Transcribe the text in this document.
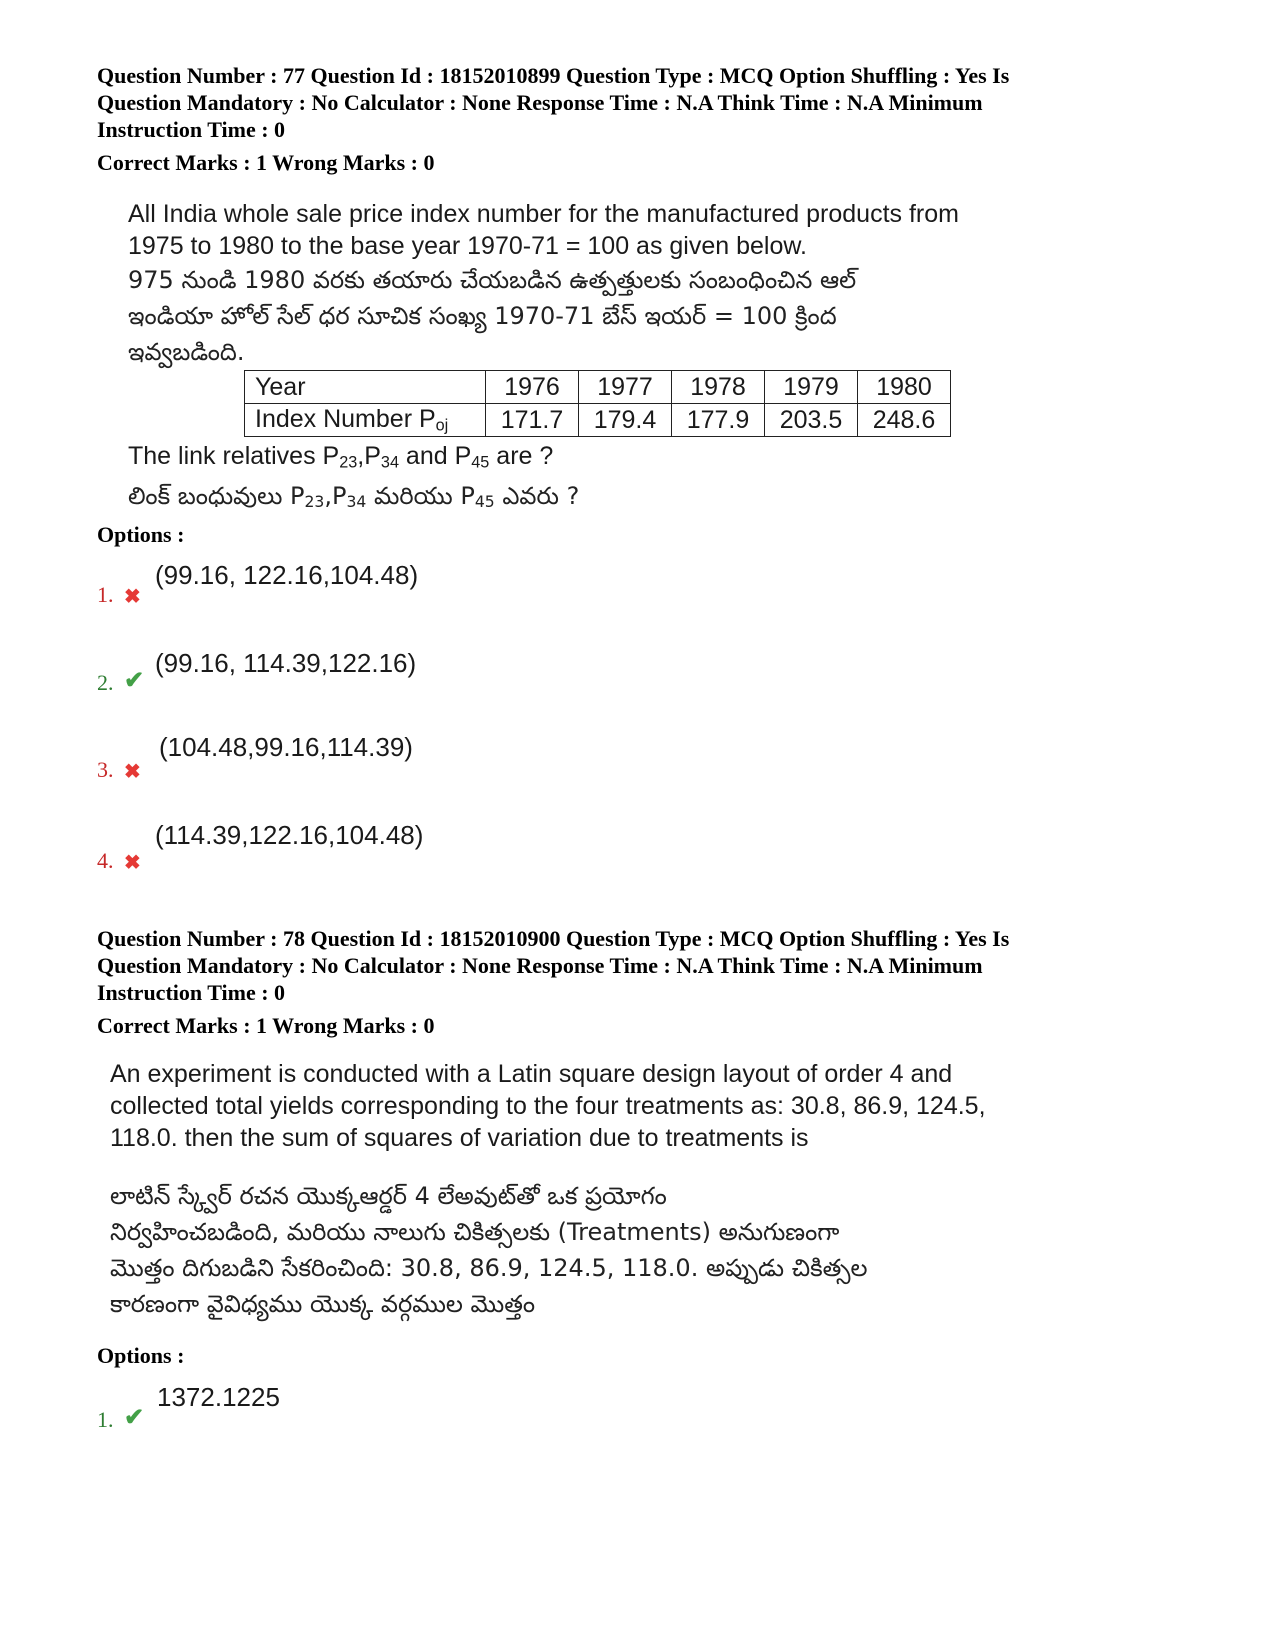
Question Number : 77 Question Id : 18152010899 Question Type : MCQ Option Shuffling : Yes Is
Question Mandatory : No Calculator : None Response Time : N.A Think Time : N.A Minimum
Instruction Time : 0
Correct Marks : 1 Wrong Marks : 0

All India whole sale price index number for the manufactured products from

1975 to 1980 to the base year 1970-71 = 100 as given below.

975 నుండి 1980 వరకు తయారు చేయబడిన ఉత్పత్తులకు సంబంధించిన ఆల్

ఇండియా హోల్ సేల్ ధర సూచిక సంఖ్య 1970-71 బేస్ ఇయర్ = 100 క్రింద

ఇవ్వబడింది.

Year	1976	1977	1978	1979	1980
Index Number $P_{oj}$	171.7	179.4	177.9	203.5	248.6

The link relatives $P_{23},P_{34}$ and $P_{45}$ are ?

లింక్ బంధువులు $P_{23},P_{34}$ మరియు $P_{45}$ ఎవరు ?

Options :
1. ✖
(99.16, 122.16,104.48)
2. ✔
(99.16, 114.39,122.16)
3. ✖
(104.48,99.16,114.39)
4. ✖
(114.39,122.16,104.48)
Question Number : 78 Question Id : 18152010900 Question Type : MCQ Option Shuffling : Yes Is
Question Mandatory : No Calculator : None Response Time : N.A Think Time : N.A Minimum
Instruction Time : 0
Correct Marks : 1 Wrong Marks : 0

An experiment is conducted with a Latin square design layout of order 4 and

collected total yields corresponding to the four treatments as: 30.8, 86.9, 124.5,

118.0. then the sum of squares of variation due to treatments is

లాటిన్ స్క్వేర్ రచన యొక్కఆర్డర్ 4 లేఅవుట్‌తో ఒక ప్రయోగం

నిర్వహించబడింది, మరియు నాలుగు చికిత్సలకు (Treatments) అనుగుణంగా

మొత్తం దిగుబడిని సేకరించింది: 30.8, 86.9, 124.5, 118.0. అప్పుడు చికిత్సల

కారణంగా వైవిధ్యము యొక్క వర్గముల మొత్తం

Options :
1. ✔
1372.1225
